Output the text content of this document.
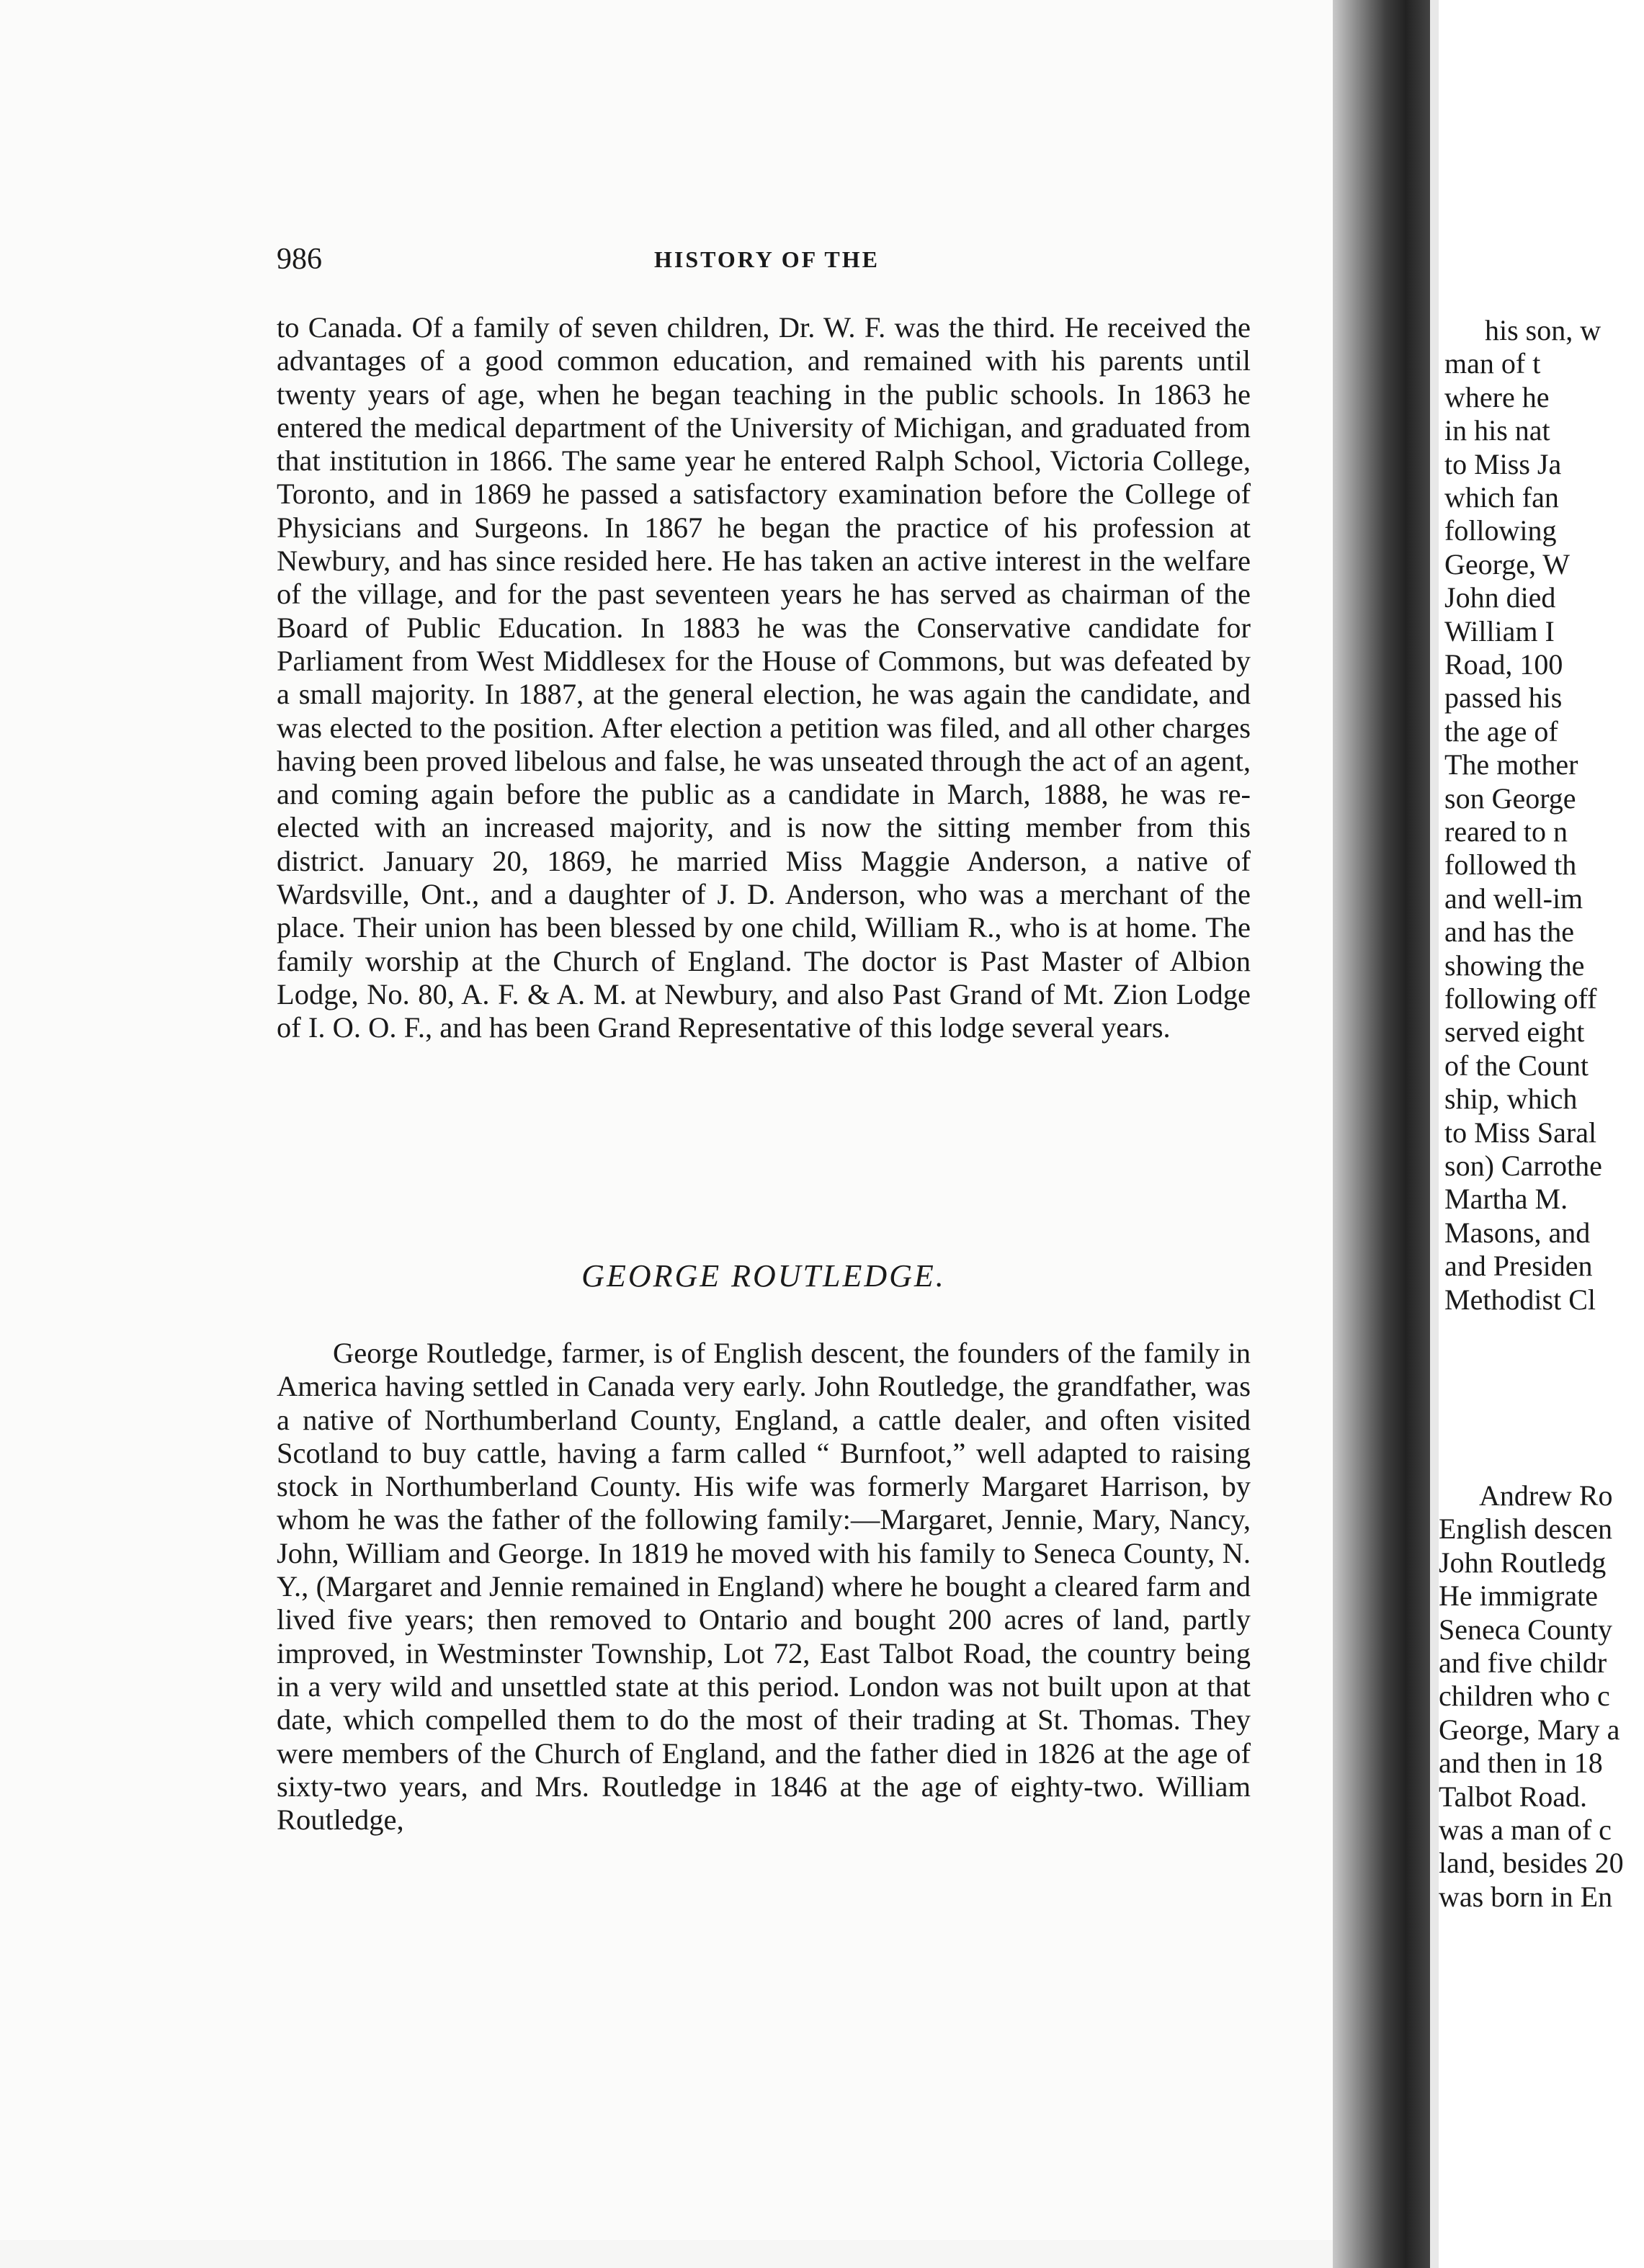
986	HISTORY OF THE

to Canada. Of a family of seven children, Dr. W. F. was the third. He received the advantages of a good common education, and remained with his parents until twenty years of age, when he began teaching in the public schools. In 1863 he entered the medical department of the University of Michigan, and graduated from that institution in 1866. The same year he entered Ralph School, Victoria College, Toronto, and in 1869 he passed a satisfactory examination before the College of Physicians and Surgeons. In 1867 he began the practice of his profession at Newbury, and has since resided here. He has taken an active interest in the welfare of the village, and for the past seventeen years he has served as chairman of the Board of Public Education. In 1883 he was the Conservative candidate for Parliament from West Middlesex for the House of Commons, but was defeated by a small majority. In 1887, at the general election, he was again the candidate, and was elected to the position. After election a petition was filed, and all other charges having been proved libelous and false, he was unseated through the act of an agent, and coming again before the public as a candidate in March, 1888, he was re-elected with an increased majority, and is now the sitting member from this district. January 20, 1869, he married Miss Maggie Anderson, a native of Wardsville, Ont., and a daughter of J. D. Anderson, who was a merchant of the place. Their union has been blessed by one child, William R., who is at home. The family worship at the Church of England. The doctor is Past Master of Albion Lodge, No. 80, A. F. & A. M. at Newbury, and also Past Grand of Mt. Zion Lodge of I. O. O. F., and has been Grand Representative of this lodge several years.

GEORGE ROUTLEDGE.

George Routledge, farmer, is of English descent, the founders of the family in America having settled in Canada very early. John Routledge, the grandfather, was a native of Northumberland County, England, a cattle dealer, and often visited Scotland to buy cattle, having a farm called “ Burnfoot,” well adapted to raising stock in Northumberland County. His wife was formerly Margaret Harrison, by whom he was the father of the following family:—Margaret, Jennie, Mary, Nancy, John, William and George. In 1819 he moved with his family to Seneca County, N. Y., (Margaret and Jennie remained in England) where he bought a cleared farm and lived five years; then removed to Ontario and bought 200 acres of land, partly improved, in Westminster Township, Lot 72, East Talbot Road, the country being in a very wild and unsettled state at this period. London was not built upon at that date, which compelled them to do the most of their trading at St. Thomas. They were members of the Church of England, and the father died in 1826 at the age of sixty-two years, and Mrs. Routledge in 1846 at the age of eighty-two. William Routledge,

his son, w
man of t
where he
in his nat
to Miss Ja
which fan
following
George, W
John died
William I
Road, 100
passed his
the age of
The mother
son George
reared to n
followed th
and well-im
and has the
showing the
following off
served eight
of the Count
ship, which
to Miss Saral
son) Carrothe
Martha M.
Masons, and
and Presiden
Methodist Cl
Andrew Ro
English descen
John Routledg
He immigrate
Seneca County
and five childr
children who c
George, Mary a
and then in 18
Talbot Road.
was a man of c
land, besides 20
was born in En
